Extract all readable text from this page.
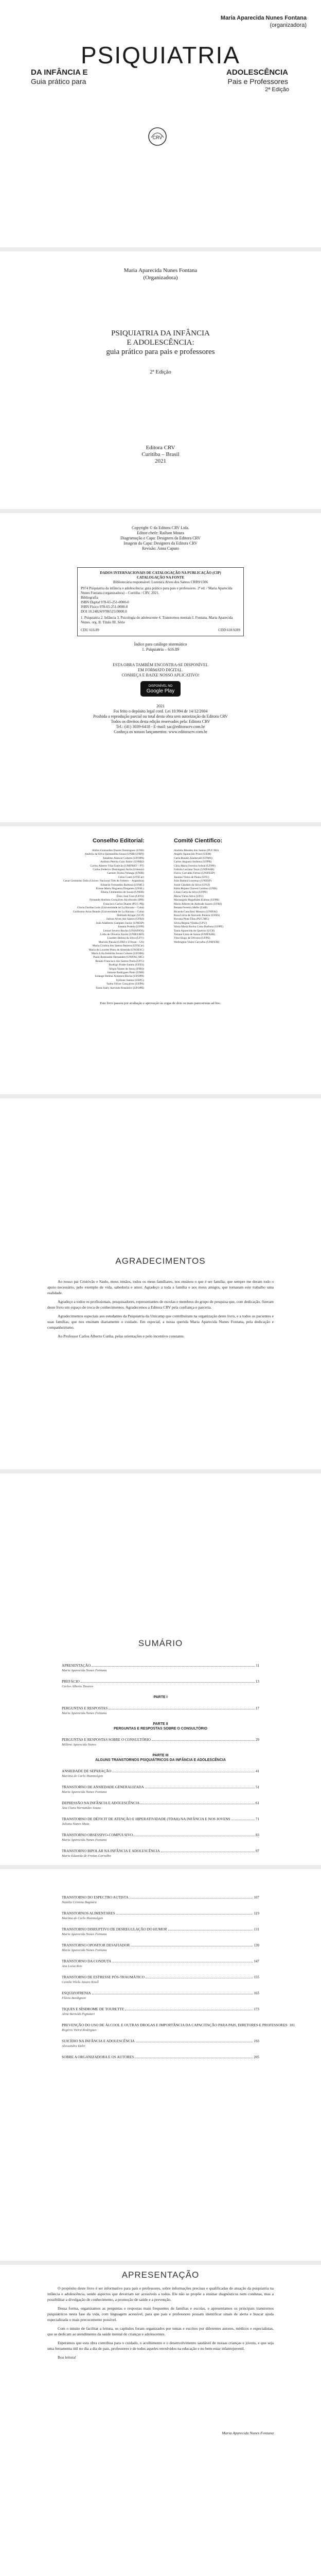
Maria Aparecida Nunes Fontana
(organizadora)
PSIQUIATRIA
DA INFÂNCIA E	ADOLESCÊNCIA
Guia prático para	Pais e Professores
2ª Edição
CRV
Maria Aparecida Nunes Fontana
(Organizadora)
PSIQUIATRIA DA INFÂNCIA
E ADOLESCÊNCIA:
guia prático para pais e professores
2ª Edição
Editora CRV
Curitiba – Brasil
2021
Copyright © da Editora CRV Ltda.
Editor-chefe: Railson Moura
Diagramação e Capa: Designers da Editora CRV
Imagem da Capa: Designers da Editora CRV
Revisão: Anna Caputo
DADOS INTERNACIONAIS DE CATALOGAÇÃO NA PUBLICAÇÃO (CIP)
CATALOGAÇÃO NA FONTE
Bibliotecária responsável: Luzenira Alves dos Santos CRB9/1506
P974 Psiquiatria da infância e adolescência: guia prático para pais e professores. 2ª ed. / Maria Aparecida Nunes Fontana (organizadora) – Curitiba : CRV, 2021.
Bibliografia
ISBN Digital 978-65-251-0000-0
ISBN Físico 978-65-251-0000-0
DOI 10.24824/978652510000.0
1. Psiquiatria 2. Infância 3. Psicologia do adolescente 4. Transtornos mentais I. Fontana, Maria Aparecida Nunes. org. II. Título III. Série
CDU 616.89	CDD 618.9289
Índice para catálogo sistemático
1. Psiquiatria – 616.89
ESTA OBRA TAMBÉM ENCONTRA-SE DISPONÍVEL
EM FORMATO DIGITAL.
CONHEÇA E BAIXE NOSSO APLICATIVO!
DISPONÍVEL NO
Google Play
2021
Foi feito o depósito legal conf. Lei 10.994 de 14/12/2004
Proibida a reprodução parcial ou total desta obra sem autorização da Editora CRV
Todos os direitos desta edição reservados pela: Editora CRV
Tel.: (41) 3039-6418 - E-mail: sac@editoracrv.com.br
Conheça os nossos lançamentos: www.editoracrv.com.br
Conselho Editorial:	Comitê Científico:
Aldira Guimarães Duarte Domínguez (UNB)
Andréia da Silva Quintanilha Sousa (UNIR/UFRN)
Anselmo Alencar Colares (UFOPA)
Antônio Pereira Gaio Júnior (UFRRJ)
Carlos Alberto Vilar Estêvão (UMINHO – PT)
Carlos Federico Dominguez Avila (Unieuro)
Carmen Tereza Velanga (UNIR)
Celso Conti (UFSCar)
Cesar Gerónimo Tello (Univer. Nacional Três de Febrero – Argentina)
Eduardo Fernandes Barbosa (UFMG)
Elione Maria Nogueira Diogenes (UFAL)
Elizeu Clementino de Souza (UNEB)
Élsio José Corá (UFFS)
Fernando Antônio Gonçalves Alcoforado (IPB)
Francisco Carlos Duarte (PUC-PR)
Gloria Fariñas León (Universidade de La Havana – Cuba)
Guillermo Arias Beatón (Universidade de La Havana – Cuba)
Helmuth Krüger (UCP)
Jailson Alves dos Santos (UFRJ)
João Adalberto Campato Junior (UNESP)
Josania Portela (UFPI)
Leonel Severo Rocha (UNISINOS)
Lídia de Oliveira Xavier (UNIEURO)
Lourdes Helena da Silva (UFV)
Marcelo Paixão (UFRJ e UTexas – US)
Maria Cristina dos Santos Bezerra (UFSCar)
Maria de Lourdes Pinto de Almeida (UNOESC)
Maria Lília Imbiriba Sousa Colares (UFOPA)
Paulo Romualdo Hernandes (UNIFAL-MG)
Renato Francisco dos Santos Paula (UFG)
Rodrigo Pratte-Santos (UFES)
Sérgio Nunes de Jesus (IFRO)
Simone Rodrigues Pinto (UNB)
Solange Helena Ximenes-Rocha (UFOPA)
Sydione Santos (UEPG)
Tadeu Oliver Gonçalves (UFPA)
Tania Suely Azevedo Brasileiro (UFOPA)
Andréia Mendes dos Santos (PUC/RS)
Angelo Aparecido Priori (UEM)
Carla Busato Zandavalli (UFMS)
Carlos Augusto Serbena (UFPR)
Cléia Maria Ferreira Sobral (UFPB)
Fabíola Luciana Tosin (UNIFASB)
Flávio Carvalho Ferraz (UNIFESP)
Janaína Vieira de Paula (UFU)
João Batista Lourenço (UNESP)
Josué Cândido da Silva (UFSJ)
Kátia Rejane Chaves Cardoso (UNB)
Lilian Carla da Silva (UFPE)
Maria Vieira Silva (UFU)
Mariangela Magalhães Elabras (UFPR)
Mario Alberto de Andrade Soares (UFRJ)
Renata Ferreira Mello (UnB)
Ricardo Cancilieri Monaco (UNIFAI)
Rosa Lúcia de Azevedo Pereira (UFRS)
Ruvana Pinto Dias (PUC/MG)
Sílvia Regina Vilalba (UFU)
Sônia Maria Rocha Costa Barbosa (UFPE)
Tania Aparecida de Queiroz (UCB)
Tatiane Lima de Souza (UNIFASB)
Vitor Hugo de Oliveira (UFPE)
Wellington Vieira Carvalho (UNIFEM)
Este livro passou por avaliação e aprovação às cegas de dois ou mais pareceristas ad hoc.
AGRADECIMENTOS

Ao nosso pai Cristóvão e Saulo, meus irmãos, todos os meus familiares, nos ensinou o que é ser família; que sempre me deram todo o apoio necessário, pelo exemplo de vida, sabedoria e amor. Agradeço a toda a família e aos meus amigos, que tornaram este trabalho uma realidade.

Agradeço a todos os profissionais, pesquisadores, representantes de escolas e membros do grupo de pesquisa que, com dedicação, fizeram deste livro um espaço de troca de conhecimentos. Agradecemos a Editora CRV pela confiança e parceria.

Agradecimentos especiais aos estudantes da Psiquiatria da Unicamp que contribuíram na organização deste livro, e a todos os pacientes e suas famílias, que nos ensinam diariamente o cuidado. Em especial, a nossa querida Maria Aparecida Nunes Fontana, pela dedicação e companheirismo.

Ao Professor Carlos Alberto Cunha, pelas orientações e pelo incentivo constante.

SUMÁRIO
APRESENTAÇÃO	11
Maria Aparecida Nunes Fontana
PREFÁCIO	13
Carlos Alberto Tavares
PARTE I
PERGUNTAS E RESPOSTAS	17
Maria Aparecida Nunes Fontana
PARTE II
PERGUNTAS E RESPOSTAS SOBRE O CONSULTÓRIO
PERGUNTAS E RESPOSTAS SOBRE O CONSULTÓRIO	29
Millene Aparecida Nunes
PARTE III
ALGUNS TRANSTORNOS PSIQUIÁTRICOS DA INFÂNCIA E ADOLESCÊNCIA
ANSIEDADE DE SEPARAÇÃO	41
Martina de Carlo Hummelgen
TRANSTORNO DE ANSIEDADE GENERALIZADA	51
Maria Aparecida Nunes Fontana
DEPRESSÃO NA INFÂNCIA E ADOLESCÊNCIA	61
Ana Clara Hernandes Souza
TRANSTORNO DE DÉFICIT DE ATENÇÃO E HIPERATIVIDADE (TDAH) NA INFÂNCIA E NOS JOVENS	71
Juliana Nunes Maia
TRANSTORNO OBSESSIVO-COMPULSIVO	83
Maria Aparecida Nunes Fontana
TRANSTORNO BIPOLAR NA INFÂNCIA E ADOLESCÊNCIA	97
Maria Eduarda de Freitas Carvalho
TRANSTORNO DO ESPECTRO AUTISTA	107
Natália Cristina Bagnara
TRANSTORNOS ALIMENTARES	119
Martina de Carlo Hummelgen
TRANSTORNO DISRUPTIVO DE DESREGULAÇÃO DO HUMOR	131
Maria Aparecida Nunes Fontana
TRANSTORNO OPOSITOR DESAFIADOR	139
Maria Aparecida Nunes Fontana
TRANSTORNO DA CONDUTA	147
Ana Luísa Reis
TRANSTORNO DE ESTRESSE PÓS-TRAUMÁTICO	155
Camila Vilela Amaro Knoll
ESQUIZOFRENIA	165
Flávia Bordignon
TIQUES E SÍNDROME DE TOURETTE	173
Aline Bertoldi Pignatari
PREVENÇÃO DO USO DE ÁLCOOL E OUTRAS DROGAS E IMPORTÂNCIA DA CAPACITAÇÃO PARA PAIS, DIRETORES E PROFESSORES 181
Rogério Vieira Rodrigues
SUICÍDIO NA INFÂNCIA E ADOLESCÊNCIA	193
Alessandra Dalri
SOBRE A ORGANIZADORA E OS AUTORES	205
APRESENTAÇÃO

O propósito deste livro é ser informativo para pais e professores, sobre informações precisas e qualificadas de atuação da psiquiatria na infância e adolescência, sendo aspectos que deveriam ser acessíveis a todos. Ele não se propõe a ensinar diagnósticos nem condutas, mas a possibilitar a divulgação de conhecimento, a promoção de saúde e a prevenção.

Dessa forma, organizamos as perguntas e respostas mais frequentes de famílias e escolas, e apresentamos os principais transtornos psiquiátricos nesta fase da vida, com linguagem acessível, para que pais e professores possam identificar sinais de alerta e buscar ajuda especializada o mais precocemente possível.

Com o intuito de facilitar a leitura, os capítulos foram organizados por temas e escritos por diferentes autores, médicos e especialistas, que se dedicam ao atendimento da saúde mental de crianças e adolescentes.

Esperamos que esta obra contribua para o cuidado, o acolhimento e o desenvolvimento saudável de nossas crianças e jovens, e que seja uma ferramenta útil no dia a dia de pais, professores e de todos aqueles envolvidos na educação e no bem-estar infantojuvenil.

Boa leitura!

Maria Aparecida Nunes Fontana
